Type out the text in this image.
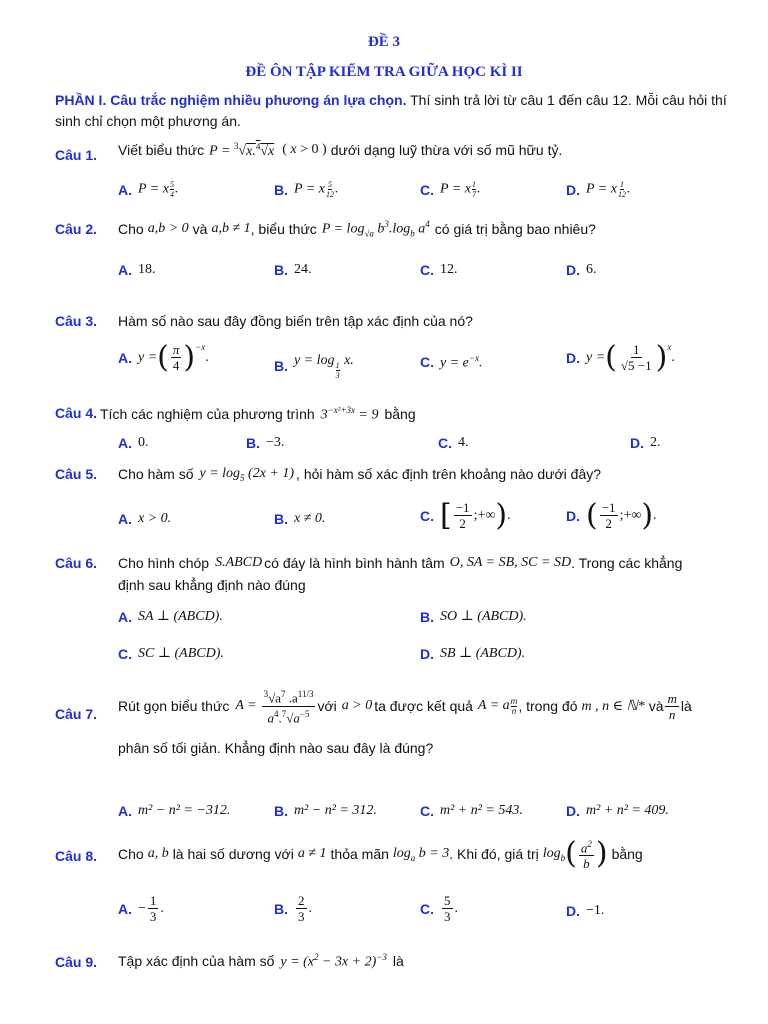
ĐỀ 3
ĐỀ ÔN TẬP KIỂM TRA GIỮA HỌC KÌ II
PHẦN I. Câu trắc nghiệm nhiều phương án lựa chọn. Thí sinh trả lời từ câu 1 đến câu 12. Mỗi câu hỏi thí sinh chỉ chọn một phương án.
Câu 1. Viết biểu thức P = $^3$√x.$^4$√x ( x > 0 ) dưới dạng luỹ thừa với số mũ hữu tỷ.
A. P = x $\frac{5}{4}$ .	B. P = x $\frac{5}{12}$ .	C. P = x $\frac{1}{7}$ .	D. P = x $\frac{1}{12}$ .
Câu 2. Cho a,b > 0 và a,b ≠ 1 , biểu thức $P = \log_{√a} b^3.\log_b$ $a^4$ có giá trị bằng bao nhiêu?
A. 18.	B. 24.	C. 12.	D. 6.
Câu 3. Hàm số nào sau đây đồng biến trên tập xác định của nó?
A. y = ( $\frac{\pi}{4} )^{-x}$
.
B. y = log
$\frac{1}{3}$
x.	C. $y = e^{-x}$.	D. y = ( $\frac{1}{√5 -1} )^x$
.
Câu 4. Tích các nghiệm của phương trình $3^{-x^2+3x} = 9$ bằng
A. 0.	B. −3.	C. 4.	D. 2.
Câu 5. Cho hàm số $y = \log_5 (2x + 1)$ , hỏi hàm số xác định trên khoảng nào dưới đây?
A. x > 0.	B. x ≠ 0.	C. [ $\frac{-1}{2}$ ;+∞ ) .	D. ( $\frac{-1}{2}$ ;+∞ ) .
Câu 6. Cho hình chóp S.ABCD có đáy là hình bình hành tâm O , SA = SB , SC = SD . Trong các khẳng
định sau khẳng định nào đúng
A. SA ⊥ (ABCD).	B. SO ⊥ (ABCD).
C. SC ⊥ (ABCD).	D. SB ⊥ (ABCD).
Câu 7. Rút gọn biểu thức $A = \frac{^3√a^7 .a^{11/3}}{a^4.^7√a^{-5}}$ với a > 0 ta được kết quả A = a m
n , trong đó m , n ∈ ℕ* và $\frac{m}{n}$ là
phân số tối giản. Khẳng định nào sau đây là đúng?
A. m² − n² = −312.	B. m² − n² = 312.	C. m² + n² = 543.	D. m² + n² = 409.
Câu 8. Cho a, b là hai số dương với a ≠ 1 thỏa mãn $\log_a b = 3$ . Khi đó, giá trị $\log_b$ ( $\frac{a^2}{b}$ ) bằng
A. − $\frac{1}{3}$ .	B. $\frac{2}{3}$ .	C. $\frac{5}{3}$ .	D. −1.
Câu 9. Tập xác định của hàm số $y = (x^2 - 3x + 2)^{-3}$ là
